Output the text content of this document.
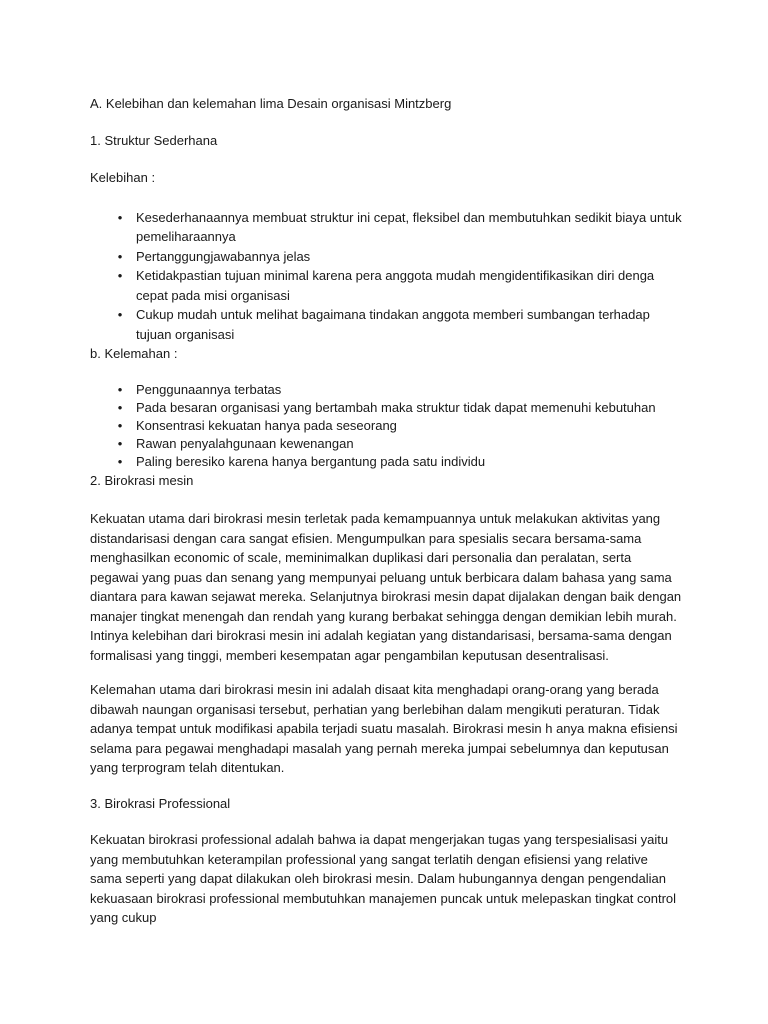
A. Kelebihan dan kelemahan lima Desain organisasi Mintzberg

1. Struktur Sederhana

Kelebihan :

• Kesederhanaannya membuat struktur ini cepat, fleksibel dan membutuhkan sedikit biaya untuk pemeliharaannya
• Pertanggungjawabannya jelas
• Ketidakpastian tujuan minimal karena pera anggota mudah mengidentifikasikan diri denga cepat pada misi organisasi
• Cukup mudah untuk melihat bagaimana tindakan anggota memberi sumbangan terhadap tujuan organisasi

b. Kelemahan :

• Penggunaannya terbatas
• Pada besaran organisasi yang bertambah maka struktur tidak dapat memenuhi kebutuhan
• Konsentrasi kekuatan hanya pada seseorang
• Rawan penyalahgunaan kewenangan
• Paling beresiko karena hanya bergantung pada satu individu

2. Birokrasi mesin

Kekuatan utama dari birokrasi mesin terletak pada kemampuannya untuk melakukan aktivitas yang distandarisasi dengan cara sangat efisien. Mengumpulkan para spesialis secara bersama-sama menghasilkan economic of scale, meminimalkan duplikasi dari personalia dan peralatan, serta pegawai yang puas dan senang yang mempunyai peluang untuk berbicara dalam bahasa yang sama diantara para kawan sejawat mereka. Selanjutnya birokrasi mesin dapat dijalakan dengan baik dengan manajer tingkat menengah dan rendah yang kurang berbakat sehingga dengan demikian lebih murah. Intinya kelebihan dari birokrasi mesin ini adalah kegiatan yang distandarisasi, bersama-sama dengan formalisasi yang tinggi, memberi kesempatan agar pengambilan keputusan desentralisasi.

Kelemahan utama dari birokrasi mesin ini adalah disaat kita menghadapi orang-orang yang berada dibawah naungan organisasi tersebut, perhatian yang berlebihan dalam mengikuti peraturan. Tidak adanya tempat untuk modifikasi apabila terjadi suatu masalah. Birokrasi mesin h anya makna efisiensi selama para pegawai menghadapi masalah yang pernah mereka jumpai sebelumnya dan keputusan yang terprogram telah ditentukan.

3. Birokrasi Professional

Kekuatan birokrasi professional adalah bahwa ia dapat mengerjakan tugas yang terspesialisasi yaitu yang membutuhkan keterampilan professional yang sangat terlatih dengan efisiensi yang relative sama seperti yang dapat dilakukan oleh birokrasi mesin. Dalam hubungannya dengan pengendalian kekuasaan birokrasi professional membutuhkan manajemen puncak untuk melepaskan tingkat control yang cukup
